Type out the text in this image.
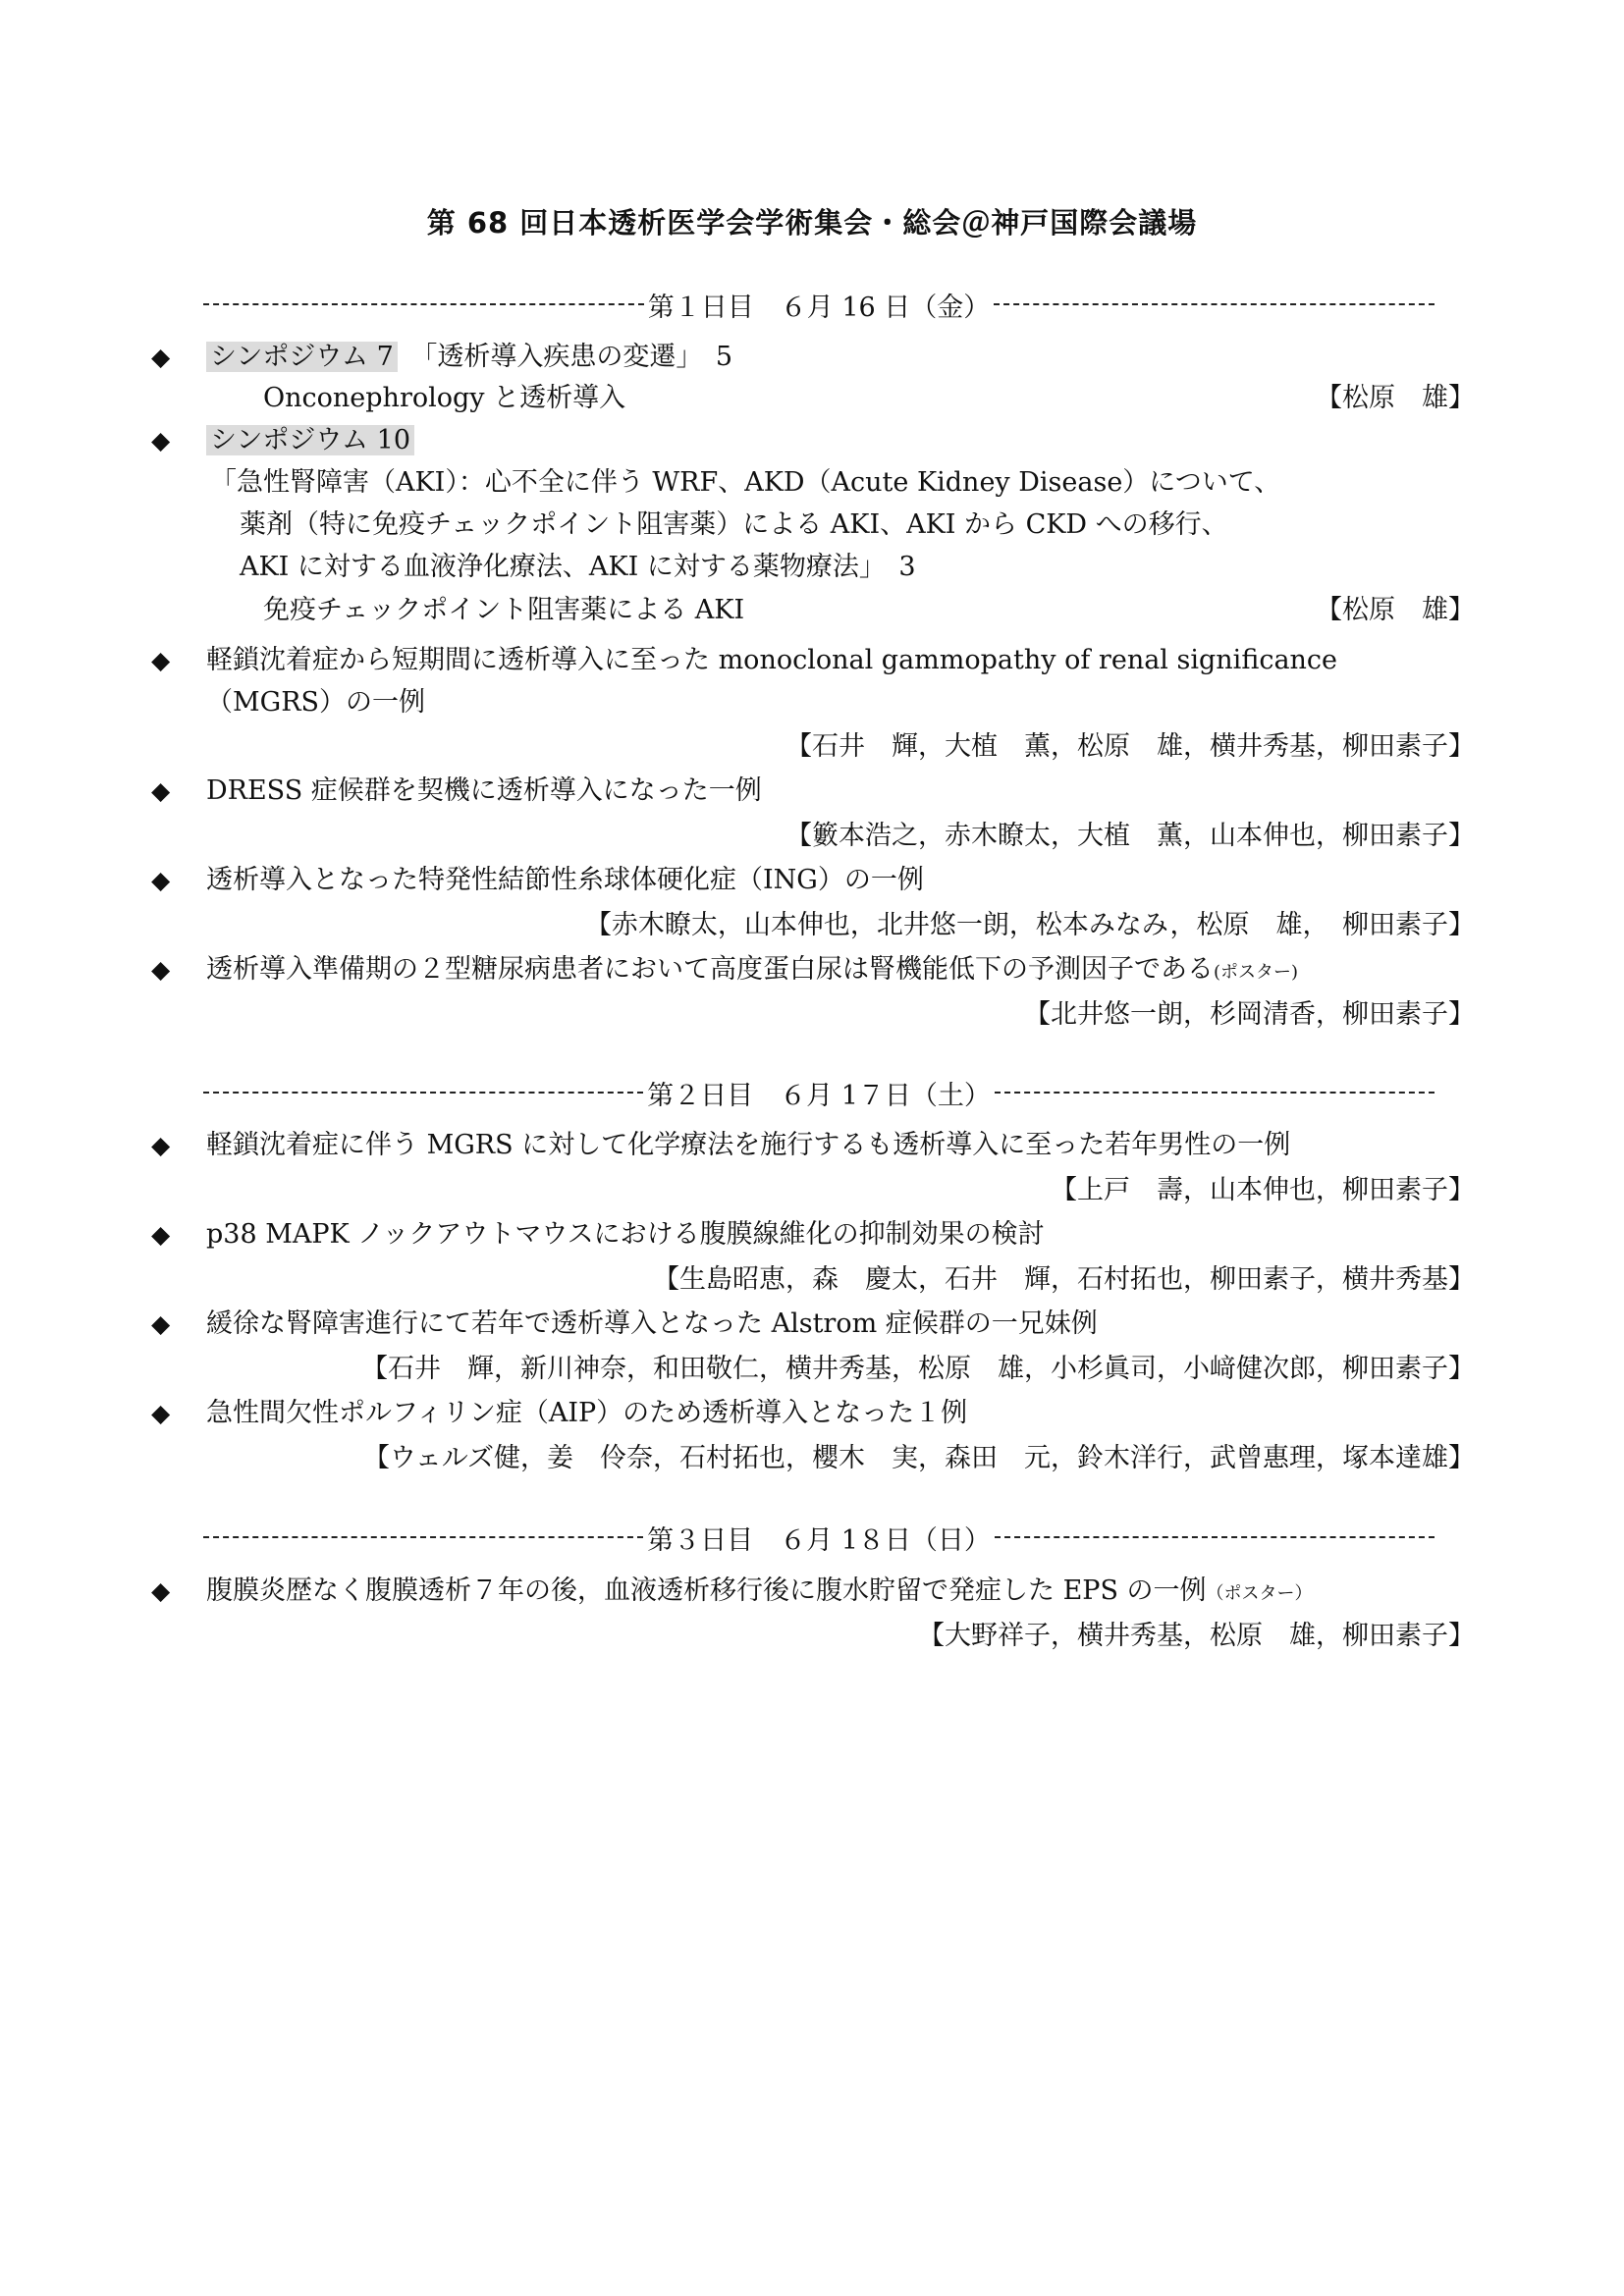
第 68 回日本透析医学会学術集会・総会＠神戸国際会議場
第１日目　６月 16 日（金）
◆ シンポジウム 7　「透析導入疾患の変遷」　5
Onconephrology と透析導入	【松原　雄】
◆ シンポジウム 10
「急性腎障害（AKI）：心不全に伴う WRF、AKD（Acute Kidney Disease）について、
薬剤（特に免疫チェックポイント阻害薬）による AKI、AKI から CKD への移行、
AKI に対する血液浄化療法、AKI に対する薬物療法」　3
免疫チェックポイント阻害薬による AKI	【松原　雄】
◆ 軽鎖沈着症から短期間に透析導入に至った monoclonal gammopathy of renal significance
（MGRS）の一例
【石井　輝，大植　薫，松原　雄，横井秀基，柳田素子】
◆ DRESS 症候群を契機に透析導入になった一例
【籔本浩之，赤木瞭太，大植　薫，山本伸也，柳田素子】
◆ 透析導入となった特発性結節性糸球体硬化症（ING）の一例
【赤木瞭太，山本伸也，北井悠一朗，松本みなみ，松原　雄，　柳田素子】
◆ 透析導入準備期の２型糖尿病患者において高度蛋白尿は腎機能低下の予測因子である(ポスター)
【北井悠一朗，杉岡清香，柳田素子】
第２日目　６月 1７日（土）
◆ 軽鎖沈着症に伴う MGRS に対して化学療法を施行するも透析導入に至った若年男性の一例
【上戸　壽，山本伸也，柳田素子】
◆ p38 MAPK ノックアウトマウスにおける腹膜線維化の抑制効果の検討
【生島昭恵，森　慶太，石井　輝，石村拓也，柳田素子，横井秀基】
◆ 緩徐な腎障害進行にて若年で透析導入となった Alstrom 症候群の一兄妹例
【石井　輝，新川神奈，和田敬仁，横井秀基，松原　雄，小杉眞司，小﨑健次郎，柳田素子】
◆ 急性間欠性ポルフィリン症（AIP）のため透析導入となった１例
【ウェルズ健，姜　伶奈，石村拓也，櫻木　実，森田　元，鈴木洋行，武曾惠理，塚本達雄】
第３日目　６月 1８日（日）
◆ 腹膜炎歴なく腹膜透析７年の後，血液透析移行後に腹水貯留で発症した EPS の一例（ポスター）
【大野祥子，横井秀基，松原　雄，柳田素子】
